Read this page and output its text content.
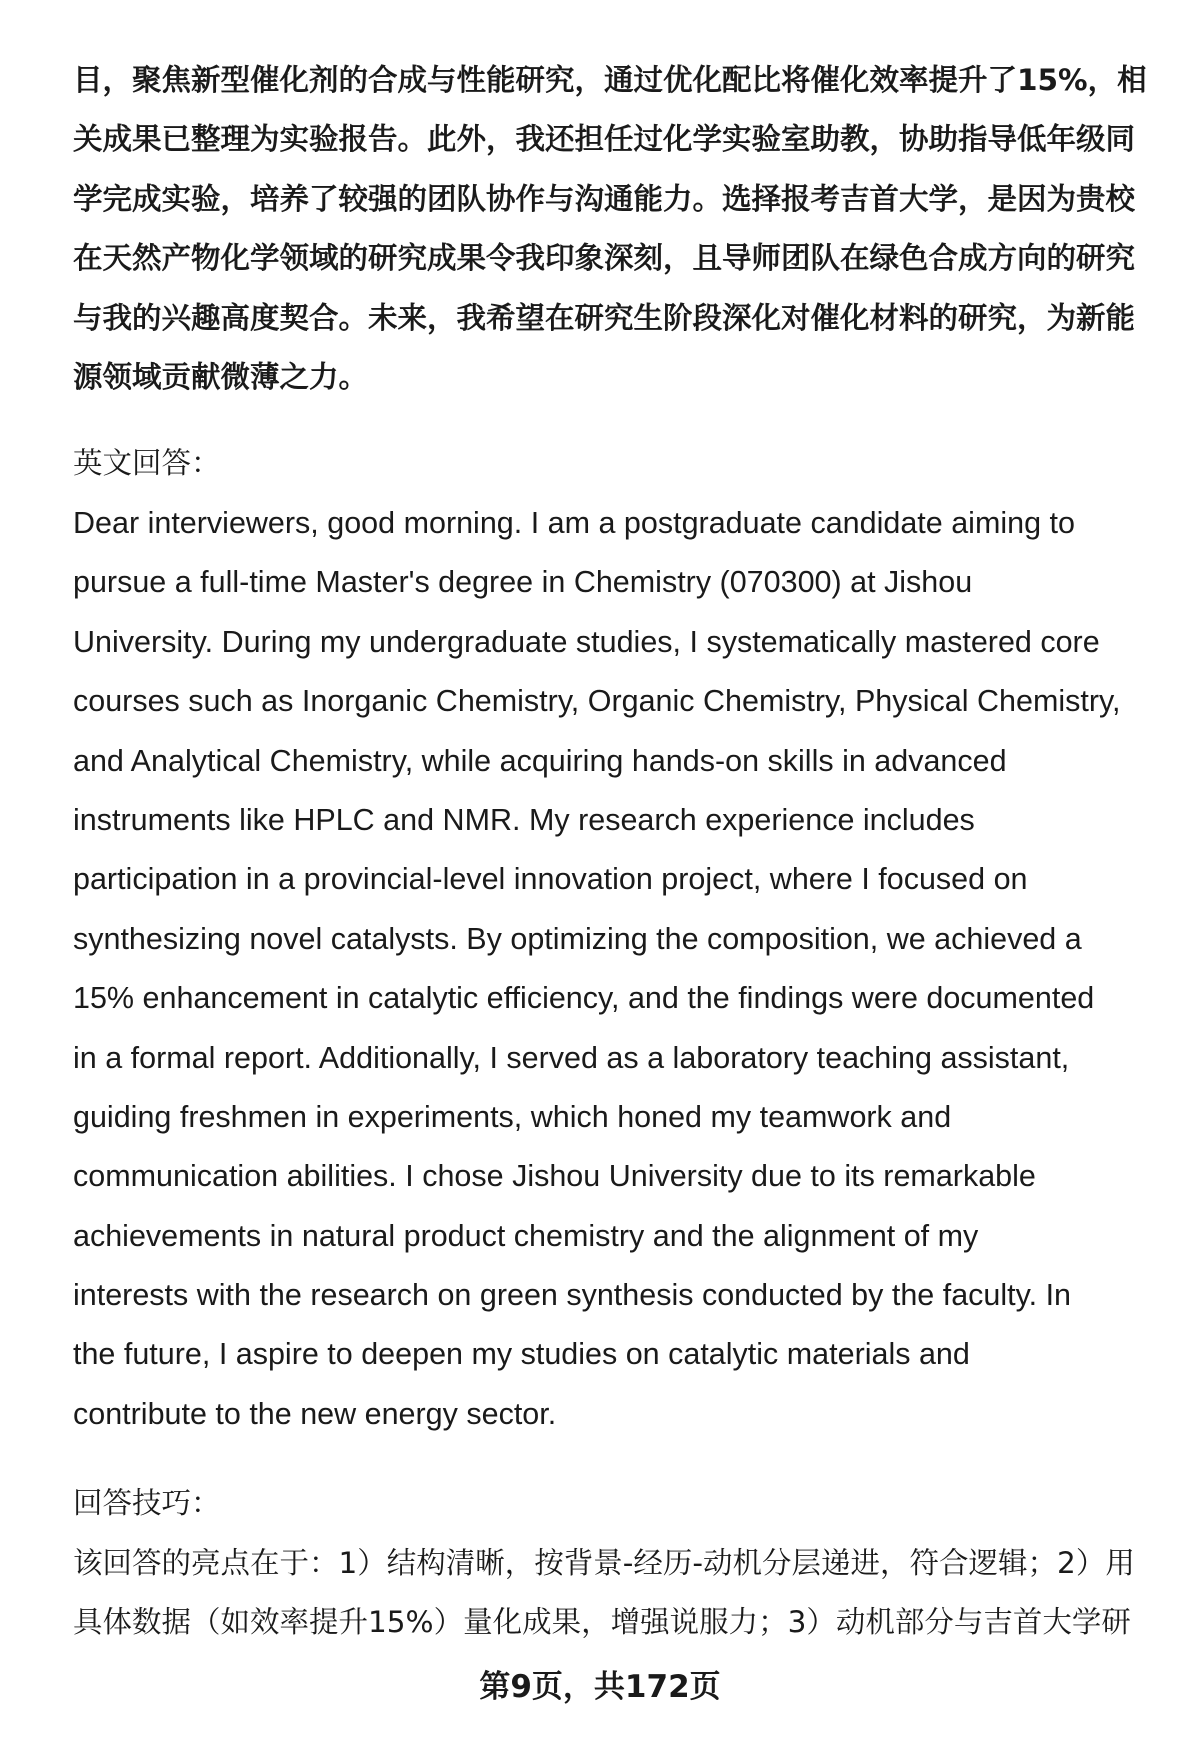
目，聚焦新型催化剂的合成与性能研究，通过优化配比将催化效率提升了15%，相
关成果已整理为实验报告。此外，我还担任过化学实验室助教，协助指导低年级同
学完成实验，培养了较强的团队协作与沟通能力。选择报考吉首大学，是因为贵校
在天然产物化学领域的研究成果令我印象深刻，且导师团队在绿色合成方向的研究
与我的兴趣高度契合。未来，我希望在研究生阶段深化对催化材料的研究，为新能
源领域贡献微薄之力。
英文回答：
Dear interviewers, good morning. I am a postgraduate candidate aiming to
pursue a full-time Master's degree in Chemistry (070300) at Jishou
University. During my undergraduate studies, I systematically mastered core
courses such as Inorganic Chemistry, Organic Chemistry, Physical Chemistry,
and Analytical Chemistry, while acquiring hands-on skills in advanced
instruments like HPLC and NMR. My research experience includes
participation in a provincial-level innovation project, where I focused on
synthesizing novel catalysts. By optimizing the composition, we achieved a
15% enhancement in catalytic efficiency, and the findings were documented
in a formal report. Additionally, I served as a laboratory teaching assistant,
guiding freshmen in experiments, which honed my teamwork and
communication abilities. I chose Jishou University due to its remarkable
achievements in natural product chemistry and the alignment of my
interests with the research on green synthesis conducted by the faculty. In
the future, I aspire to deepen my studies on catalytic materials and
contribute to the new energy sector.
回答技巧：
该回答的亮点在于：1）结构清晰，按背景-经历-动机分层递进，符合逻辑；2）用
具体数据（如效率提升15%）量化成果，增强说服力；3）动机部分与吉首大学研
第9页，共172页
